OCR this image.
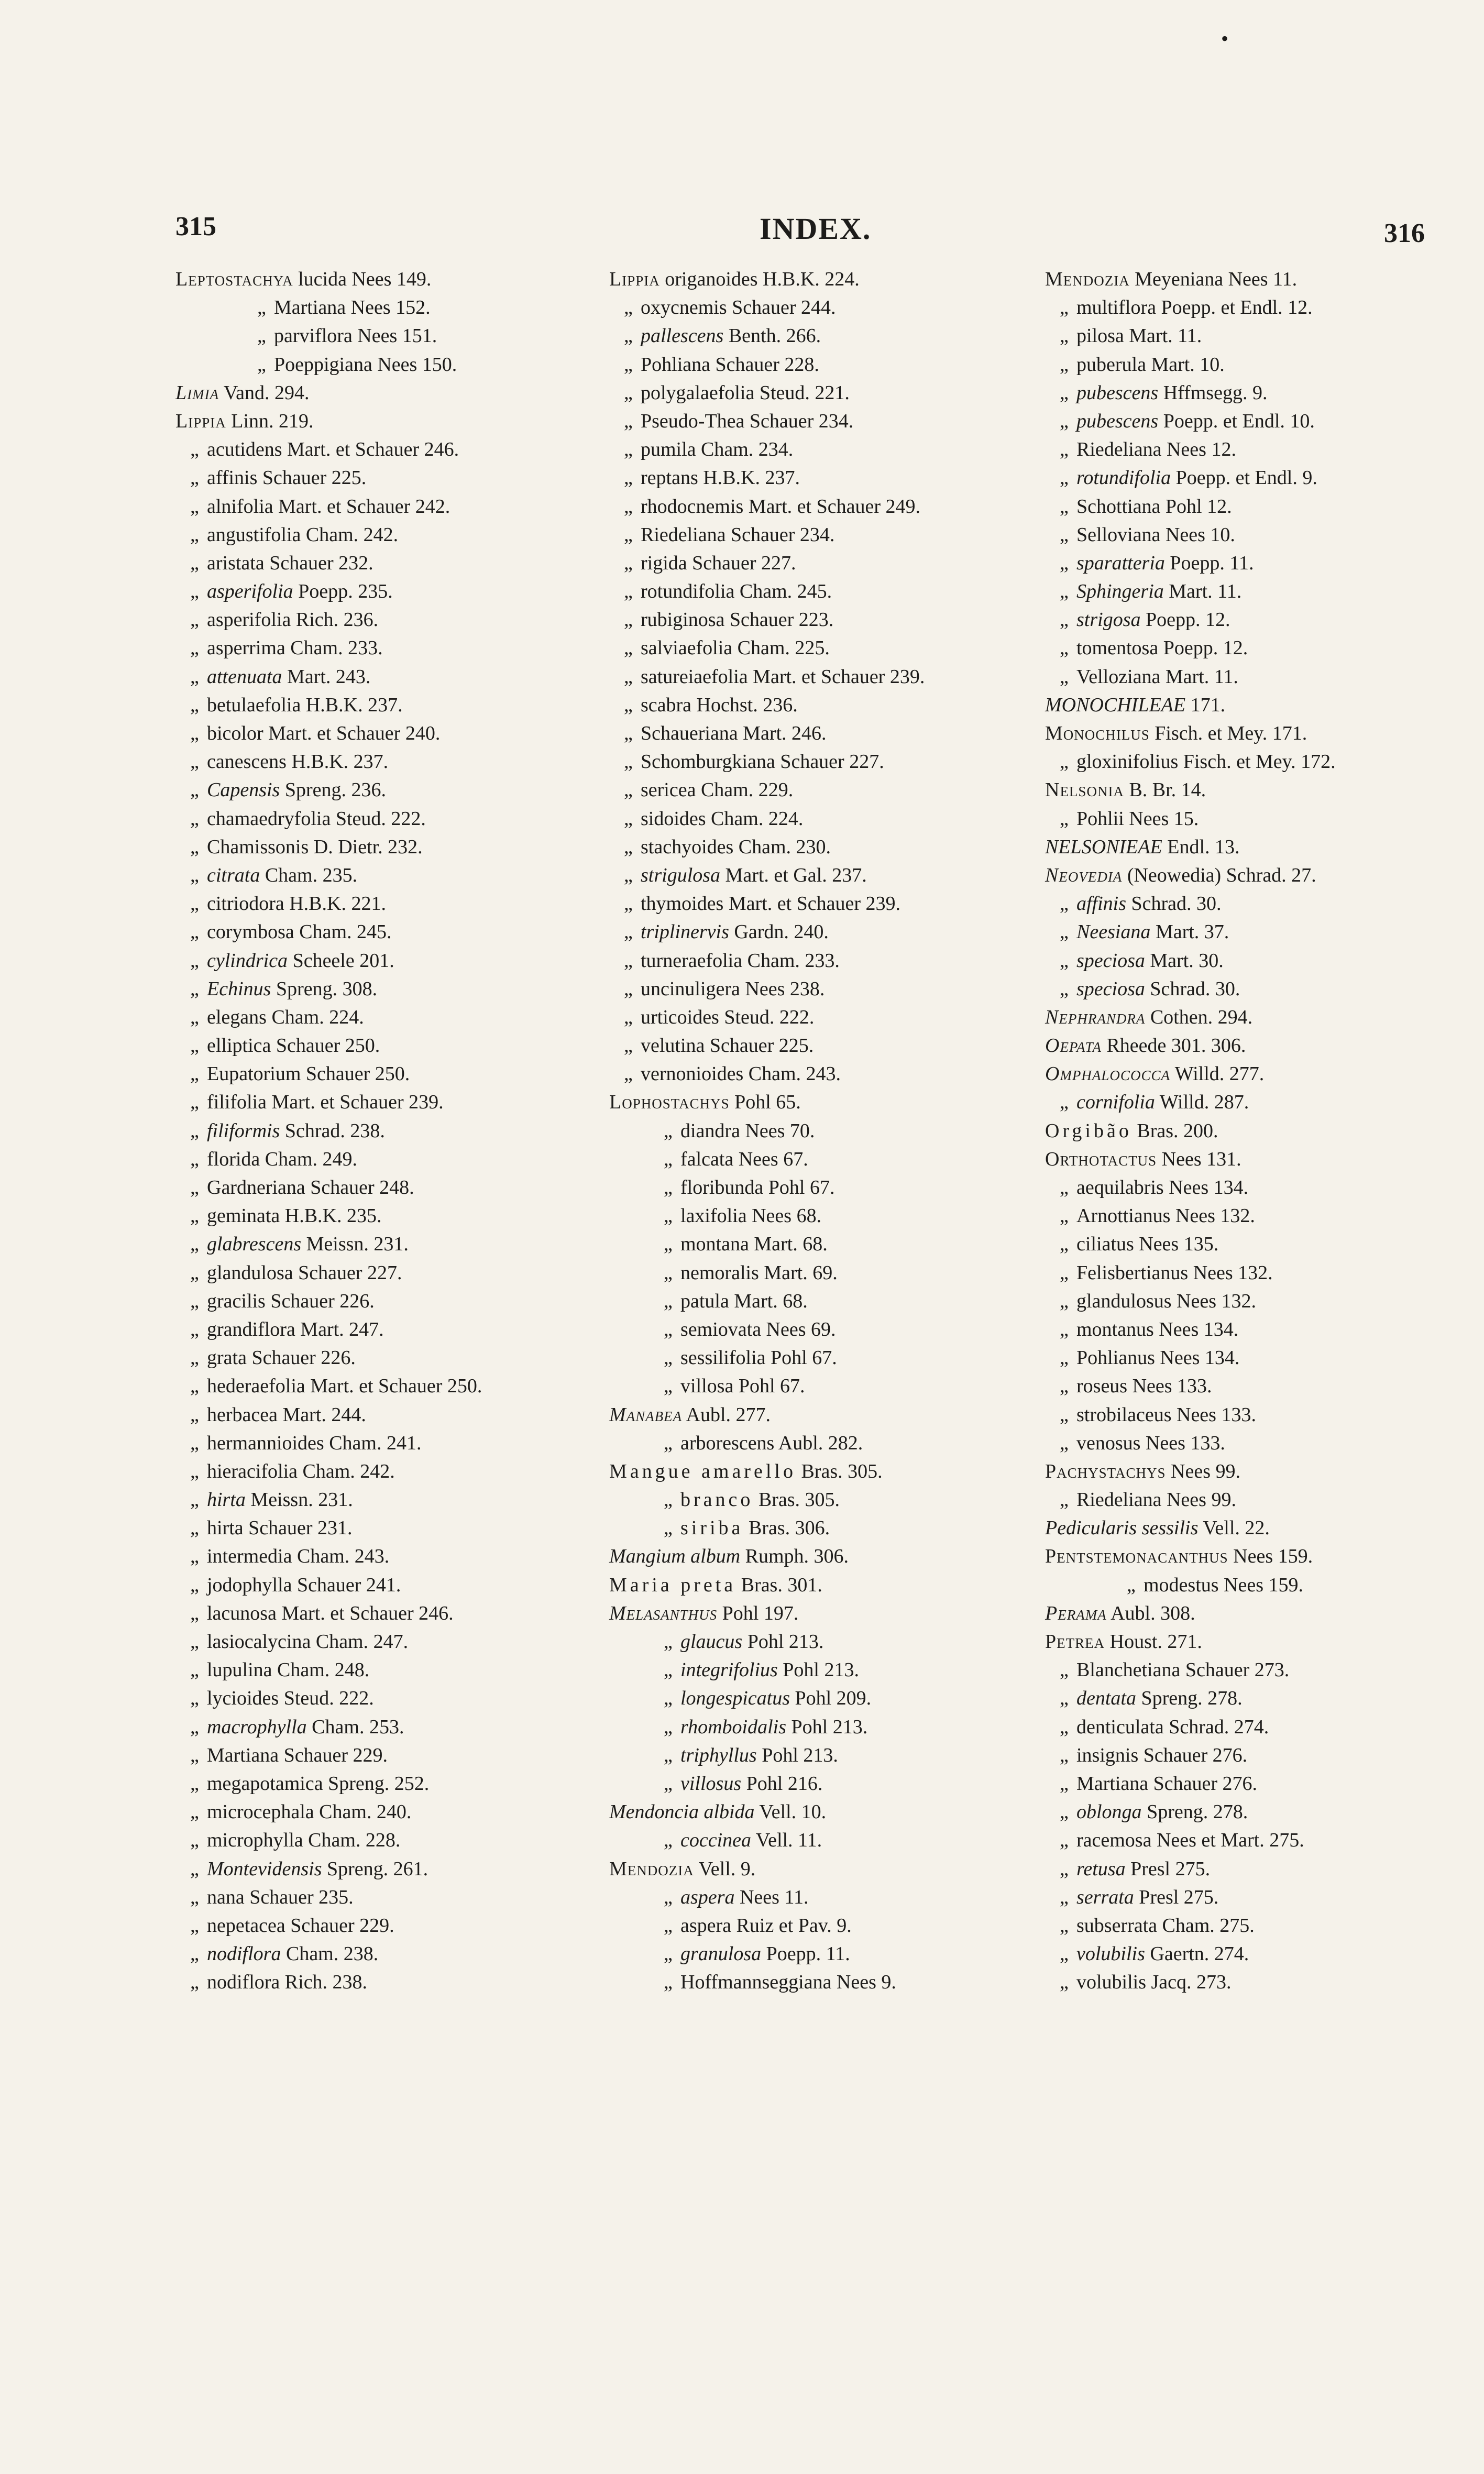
•
315	INDEX.	316
Leptostachya lucida Nees 149.
„ Martiana Nees 152.
„ parviflora Nees 151.
„ Poeppigiana Nees 150.
Limia Vand. 294.
Lippia Linn. 219.
„ acutidens Mart. et Schauer 246.
„ affinis Schauer 225.
„ alnifolia Mart. et Schauer 242.
„ angustifolia Cham. 242.
„ aristata Schauer 232.
„ asperifolia Poepp. 235.
„ asperifolia Rich. 236.
„ asperrima Cham. 233.
„ attenuata Mart. 243.
„ betulaefolia H.B.K. 237.
„ bicolor Mart. et Schauer 240.
„ canescens H.B.K. 237.
„ Capensis Spreng. 236.
„ chamaedryfolia Steud. 222.
„ Chamissonis D. Dietr. 232.
„ citrata Cham. 235.
„ citriodora H.B.K. 221.
„ corymbosa Cham. 245.
„ cylindrica Scheele 201.
„ Echinus Spreng. 308.
„ elegans Cham. 224.
„ elliptica Schauer 250.
„ Eupatorium Schauer 250.
„ filifolia Mart. et Schauer 239.
„ filiformis Schrad. 238.
„ florida Cham. 249.
„ Gardneriana Schauer 248.
„ geminata H.B.K. 235.
„ glabrescens Meissn. 231.
„ glandulosa Schauer 227.
„ gracilis Schauer 226.
„ grandiflora Mart. 247.
„ grata Schauer 226.
„ hederaefolia Mart. et Schauer 250.
„ herbacea Mart. 244.
„ hermannioides Cham. 241.
„ hieracifolia Cham. 242.
„ hirta Meissn. 231.
„ hirta Schauer 231.
„ intermedia Cham. 243.
„ jodophylla Schauer 241.
„ lacunosa Mart. et Schauer 246.
„ lasiocalycina Cham. 247.
„ lupulina Cham. 248.
„ lycioides Steud. 222.
„ macrophylla Cham. 253.
„ Martiana Schauer 229.
„ megapotamica Spreng. 252.
„ microcephala Cham. 240.
„ microphylla Cham. 228.
„ Montevidensis Spreng. 261.
„ nana Schauer 235.
„ nepetacea Schauer 229.
„ nodiflora Cham. 238.
„ nodiflora Rich. 238.
Lippia origanoides H.B.K. 224.
„ oxycnemis Schauer 244.
„ pallescens Benth. 266.
„ Pohliana Schauer 228.
„ polygalaefolia Steud. 221.
„ Pseudo-Thea Schauer 234.
„ pumila Cham. 234.
„ reptans H.B.K. 237.
„ rhodocnemis Mart. et Schauer 249.
„ Riedeliana Schauer 234.
„ rigida Schauer 227.
„ rotundifolia Cham. 245.
„ rubiginosa Schauer 223.
„ salviaefolia Cham. 225.
„ satureiaefolia Mart. et Schauer 239.
„ scabra Hochst. 236.
„ Schaueriana Mart. 246.
„ Schomburgkiana Schauer 227.
„ sericea Cham. 229.
„ sidoides Cham. 224.
„ stachyoides Cham. 230.
„ strigulosa Mart. et Gal. 237.
„ thymoides Mart. et Schauer 239.
„ triplinervis Gardn. 240.
„ turneraefolia Cham. 233.
„ uncinuligera Nees 238.
„ urticoides Steud. 222.
„ velutina Schauer 225.
„ vernonioides Cham. 243.
Lophostachys Pohl 65.
„ diandra Nees 70.
„ falcata Nees 67.
„ floribunda Pohl 67.
„ laxifolia Nees 68.
„ montana Mart. 68.
„ nemoralis Mart. 69.
„ patula Mart. 68.
„ semiovata Nees 69.
„ sessilifolia Pohl 67.
„ villosa Pohl 67.
Manabea Aubl. 277.
„ arborescens Aubl. 282.
Mangue amarello Bras. 305.
„ branco Bras. 305.
„ siriba Bras. 306.
Mangium album Rumph. 306.
Maria preta Bras. 301.
Melasanthus Pohl 197.
„ glaucus Pohl 213.
„ integrifolius Pohl 213.
„ longespicatus Pohl 209.
„ rhomboidalis Pohl 213.
„ triphyllus Pohl 213.
„ villosus Pohl 216.
Mendoncia albida Vell. 10.
„ coccinea Vell. 11.
Mendozia Vell. 9.
„ aspera Nees 11.
„ aspera Ruiz et Pav. 9.
„ granulosa Poepp. 11.
„ Hoffmannseggiana Nees 9.
Mendozia Meyeniana Nees 11.
„ multiflora Poepp. et Endl. 12.
„ pilosa Mart. 11.
„ puberula Mart. 10.
„ pubescens Hffmsegg. 9.
„ pubescens Poepp. et Endl. 10.
„ Riedeliana Nees 12.
„ rotundifolia Poepp. et Endl. 9.
„ Schottiana Pohl 12.
„ Selloviana Nees 10.
„ sparatteria Poepp. 11.
„ Sphingeria Mart. 11.
„ strigosa Poepp. 12.
„ tomentosa Poepp. 12.
„ Velloziana Mart. 11.
MONOCHILEAE 171.
Monochilus Fisch. et Mey. 171.
„ gloxinifolius Fisch. et Mey. 172.
Nelsonia B. Br. 14.
„ Pohlii Nees 15.
NELSONIEAE Endl. 13.
Neovedia (Neowedia) Schrad. 27.
„ affinis Schrad. 30.
„ Neesiana Mart. 37.
„ speciosa Mart. 30.
„ speciosa Schrad. 30.
Nephrandra Cothen. 294.
Oepata Rheede 301. 306.
Omphalococca Willd. 277.
„ cornifolia Willd. 287.
Orgibão Bras. 200.
Orthotactus Nees 131.
„ aequilabris Nees 134.
„ Arnottianus Nees 132.
„ ciliatus Nees 135.
„ Felisbertianus Nees 132.
„ glandulosus Nees 132.
„ montanus Nees 134.
„ Pohlianus Nees 134.
„ roseus Nees 133.
„ strobilaceus Nees 133.
„ venosus Nees 133.
Pachystachys Nees 99.
„ Riedeliana Nees 99.
Pedicularis sessilis Vell. 22.
Pentstemonacanthus Nees 159.
„ modestus Nees 159.
Perama Aubl. 308.
Petrea Houst. 271.
„ Blanchetiana Schauer 273.
„ dentata Spreng. 278.
„ denticulata Schrad. 274.
„ insignis Schauer 276.
„ Martiana Schauer 276.
„ oblonga Spreng. 278.
„ racemosa Nees et Mart. 275.
„ retusa Presl 275.
„ serrata Presl 275.
„ subserrata Cham. 275.
„ volubilis Gaertn. 274.
„ volubilis Jacq. 273.
